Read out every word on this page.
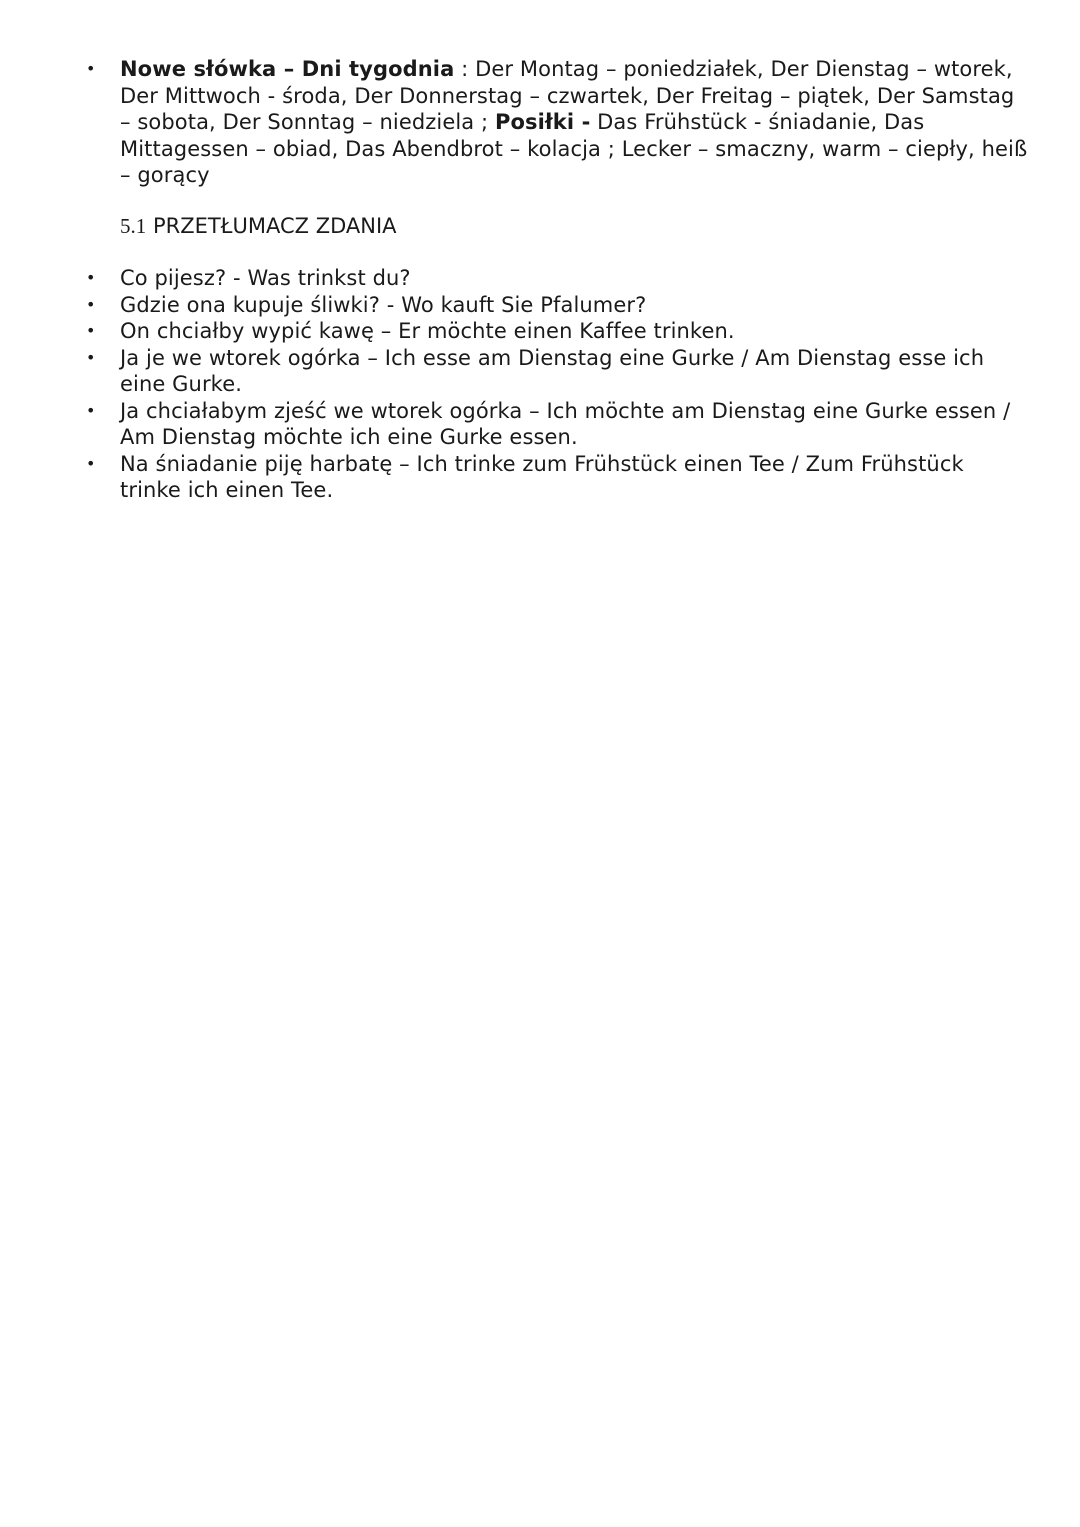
• Nowe słówka – Dni tygodnia : Der Montag – poniedziałek, Der Dienstag – wtorek, Der Mittwoch - środa, Der Donnerstag – czwartek, Der Freitag – piątek, Der Samstag – sobota, Der Sonntag – niedziela ; Posiłki - Das Frühstück - śniadanie, Das Mittagessen – obiad, Das Abendbrot – kolacja ; Lecker – smaczny, warm – ciepły, heiß – gorący
5.1 PRZETŁUMACZ ZDANIA
• Co pijesz? - Was trinkst du?
• Gdzie ona kupuje śliwki? - Wo kauft Sie Pfalumer?
• On chciałby wypić kawę – Er möchte einen Kaffee trinken.
• Ja je we wtorek ogórka – Ich esse am Dienstag eine Gurke / Am Dienstag esse ich eine Gurke.
• Ja chciałabym zjeść we wtorek ogórka – Ich möchte am Dienstag eine Gurke essen / Am Dienstag möchte ich eine Gurke essen.
• Na śniadanie piję harbatę – Ich trinke zum Frühstück einen Tee / Zum Frühstück trinke ich einen Tee.
